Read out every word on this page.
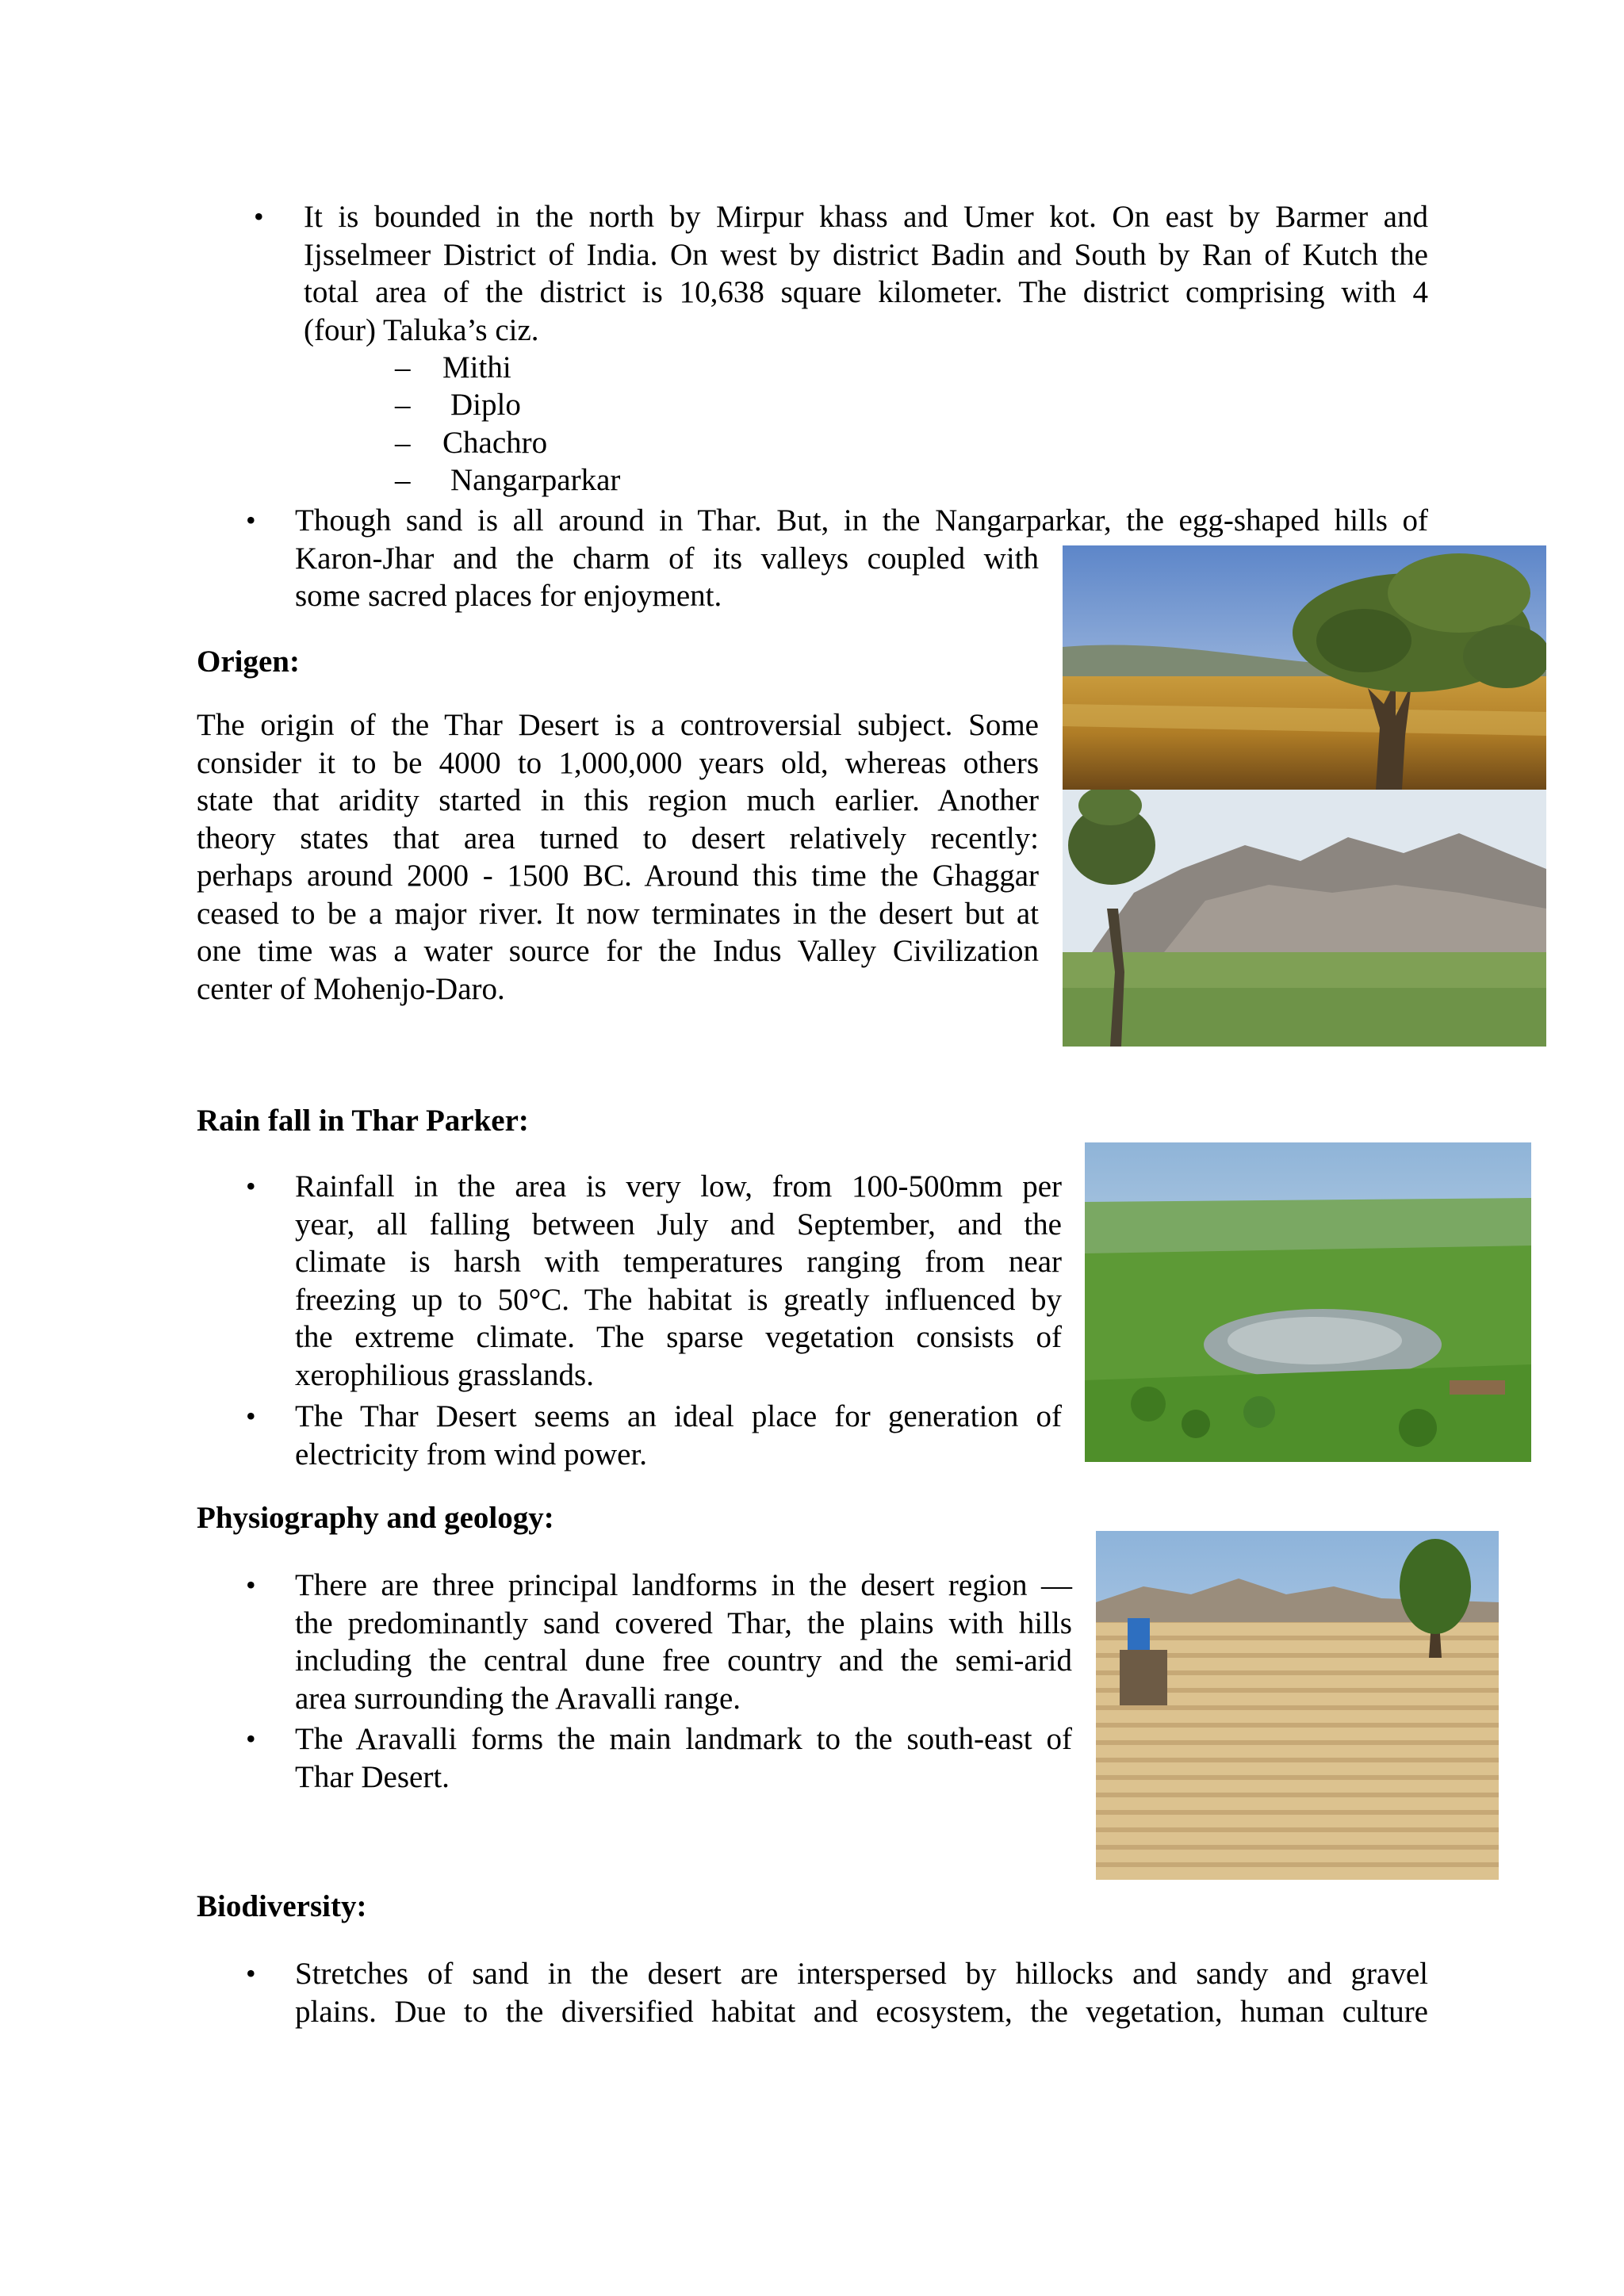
• It is bounded in the north by Mirpur khass and Umer kot. On east by Barmer and
Ijsselmeer District of India. On west by district Badin and South by Ran of Kutch the
total area of the district is 10,638 square kilometer. The district comprising with 4
(four) Taluka’s ciz.
– Mithi
– Diplo
– Chachro
– Nangarparkar
• Though sand is all around in Thar. But, in the Nangarparkar, the egg-shaped hills of
Karon-Jhar and the charm of its valleys coupled with
some sacred places for enjoyment.
Origen:
The origin of the Thar Desert is a controversial subject. Some
consider it to be 4000 to 1,000,000 years old, whereas others
state that aridity started in this region much earlier. Another
theory states that area turned to desert relatively recently:
perhaps around 2000 - 1500 BC. Around this time the Ghaggar
ceased to be a major river. It now terminates in the desert but at
one time was a water source for the Indus Valley Civilization
center of Mohenjo-Daro.
Rain fall in Thar Parker:
• Rainfall in the area is very low, from 100-500mm per
year, all falling between July and September, and the
climate is harsh with temperatures ranging from near
freezing up to 50°C. The habitat is greatly influenced by
the extreme climate. The sparse vegetation consists of
xerophilious grasslands.
• The Thar Desert seems an ideal place for generation of
electricity from wind power.
Physiography and geology:
• There are three principal landforms in the desert region —
the predominantly sand covered Thar, the plains with hills
including the central dune free country and the semi-arid
area surrounding the Aravalli range.
• The Aravalli forms the main landmark to the south-east of
Thar Desert.
Biodiversity:
• Stretches of sand in the desert are interspersed by hillocks and sandy and gravel
plains. Due to the diversified habitat and ecosystem, the vegetation, human culture
